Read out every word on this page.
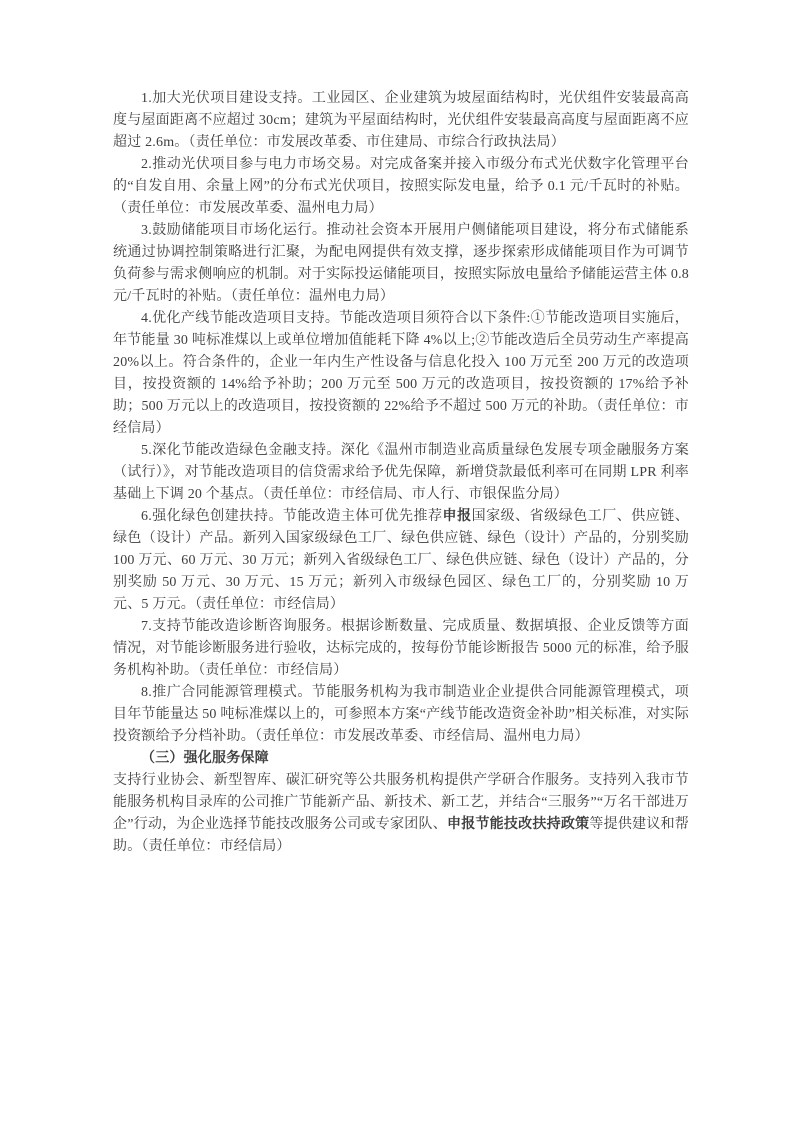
1.加大光伏项目建设支持。工业园区、企业建筑为坡屋面结构时，光伏组件安装最高高度与屋面距离不应超过 30cm；建筑为平屋面结构时，光伏组件安装最高高度与屋面距离不应超过 2.6m。（责任单位：市发展改革委、市住建局、市综合行政执法局）

2.推动光伏项目参与电力市场交易。对完成备案并接入市级分布式光伏数字化管理平台的“自发自用、余量上网”的分布式光伏项目，按照实际发电量，给予 0.1 元/千瓦时的补贴。（责任单位：市发展改革委、温州电力局）

3.鼓励储能项目市场化运行。推动社会资本开展用户侧储能项目建设，将分布式储能系统通过协调控制策略进行汇聚，为配电网提供有效支撑，逐步探索形成储能项目作为可调节负荷参与需求侧响应的机制。对于实际投运储能项目，按照实际放电量给予储能运营主体 0.8 元/千瓦时的补贴。（责任单位：温州电力局）

4.优化产线节能改造项目支持。节能改造项目须符合以下条件:①节能改造项目实施后，年节能量 30 吨标准煤以上或单位增加值能耗下降 4%以上;②节能改造后全员劳动生产率提高 20%以上。符合条件的，企业一年内生产性设备与信息化投入 100 万元至 200 万元的改造项目，按投资额的 14%给予补助；200 万元至 500 万元的改造项目，按投资额的 17%给予补助；500 万元以上的改造项目，按投资额的 22%给予不超过 500 万元的补助。（责任单位：市经信局）

5.深化节能改造绿色金融支持。深化《温州市制造业高质量绿色发展专项金融服务方案（试行）》，对节能改造项目的信贷需求给予优先保障，新增贷款最低利率可在同期 LPR 利率基础上下调 20 个基点。（责任单位：市经信局、市人行、市银保监分局）

6.强化绿色创建扶持。节能改造主体可优先推荐申报国家级、省级绿色工厂、供应链、绿色（设计）产品。新列入国家级绿色工厂、绿色供应链、绿色（设计）产品的，分别奖励 100 万元、60 万元、30 万元；新列入省级绿色工厂、绿色供应链、绿色（设计）产品的，分别奖励 50 万元、30 万元、15 万元；新列入市级绿色园区、绿色工厂的，分别奖励 10 万元、5 万元。（责任单位：市经信局）

7.支持节能改造诊断咨询服务。根据诊断数量、完成质量、数据填报、企业反馈等方面情况，对节能诊断服务进行验收，达标完成的，按每份节能诊断报告 5000 元的标准，给予服务机构补助。（责任单位：市经信局）

8.推广合同能源管理模式。节能服务机构为我市制造业企业提供合同能源管理模式，项目年节能量达 50 吨标准煤以上的，可参照本方案“产线节能改造资金补助”相关标准，对实际投资额给予分档补助。（责任单位：市发展改革委、市经信局、温州电力局）

（三）强化服务保障

支持行业协会、新型智库、碳汇研究等公共服务机构提供产学研合作服务。支持列入我市节能服务机构目录库的公司推广节能新产品、新技术、新工艺，并结合“三服务”“万名干部进万企”行动，为企业选择节能技改服务公司或专家团队、申报节能技改扶持政策等提供建议和帮助。（责任单位：市经信局）
